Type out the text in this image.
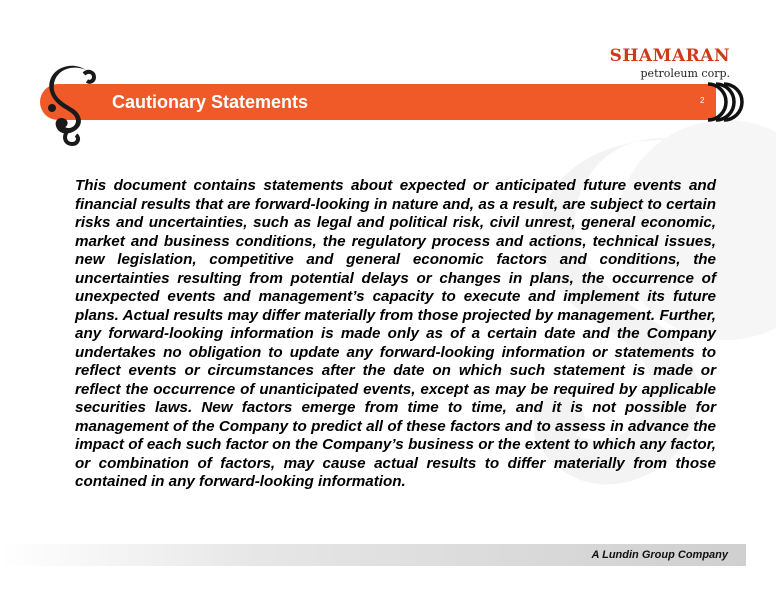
SHAMARAN
petroleum corp.
Cautionary Statements	2

This document contains statements about expected or anticipated future events and financial results that are forward-looking in nature and, as a result, are subject to certain risks and uncertainties, such as legal and political risk, civil unrest, general economic, market and business conditions, the regulatory process and actions, technical issues, new legislation, competitive and general economic factors and conditions, the uncertainties resulting from potential delays or changes in plans, the occurrence of unexpected events and management’s capacity to execute and implement its future plans. Actual results may differ materially from those projected by management. Further, any forward-looking information is made only as of a certain date and the Company undertakes no obligation to update any forward-looking information or statements to reflect events or circumstances after the date on which such statement is made or reflect the occurrence of unanticipated events, except as may be required by applicable securities laws. New factors emerge from time to time, and it is not possible for management of the Company to predict all of these factors and to assess in advance the impact of each such factor on the Company’s business or the extent to which any factor, or combination of factors, may cause actual results to differ materially from those contained in any forward-looking information.

A Lundin Group Company
